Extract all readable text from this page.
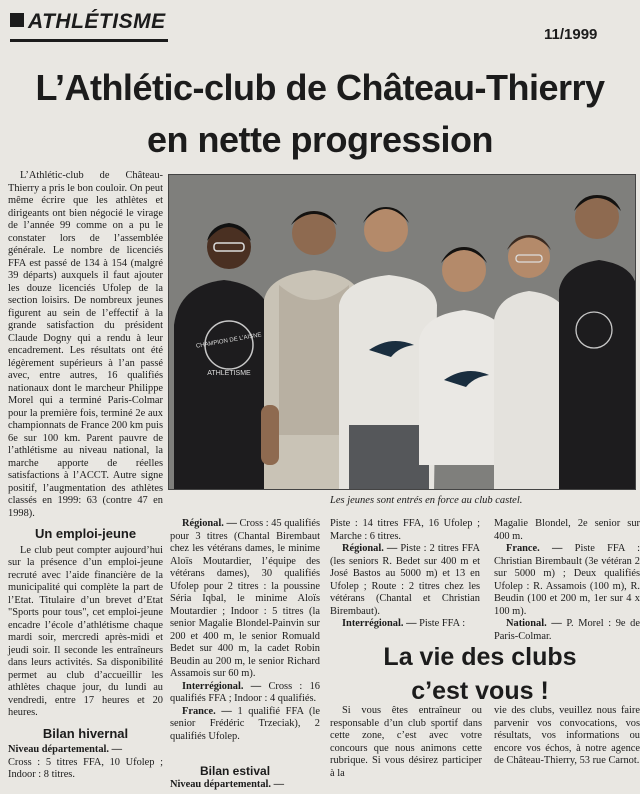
ATHLÉTISME
11/1999
L’Athlétic-club de Château-Thierry
en nette progression

L’Athlétic-club de Château-Thierry a pris le bon couloir. On peut même écrire que les athlètes et dirigeants ont bien négocié le virage de l’année 99 comme on a pu le constater lors de l’assemblée générale. Le nombre de licenciés FFA est passé de 134 à 154 (malgré 39 départs) auxquels il faut ajouter les douze licenciés Ufolep de la section loisirs. De nombreux jeunes figurent au sein de l’effectif à la grande satisfaction du président Claude Dogny qui a rendu à leur encadrement. Les résultats ont été légèrement supérieurs à l’an passé avec, entre autres, 16 qualifiés nationaux dont le marcheur Philippe Morel qui a terminé Paris-Colmar pour la première fois, terminé 2e aux championnats de France 200 km puis 6e sur 100 km. Parent pauvre de l’athlétisme au niveau national, la marche apporte de réelles satisfactions à l’ACCT. Autre signe positif, l’augmentation des athlètes classés en 1999: 63 (contre 47 en 1998).

Un emploi-jeune

Le club peut compter aujourd’hui sur la présence d’un emploi-jeune recruté avec l’aide financière de la municipalité qui complète la part de l’Etat. Titulaire d’un brevet d’Etat "Sports pour tous", cet emploi-jeune encadre l’école d’athlétisme chaque mardi soir, mercredi après-midi et jeudi soir. Il seconde les entraîneurs dans leurs activités. Sa disponibilité permet au club d’accueillir les athlètes chaque jour, du lundi au vendredi, entre 17 heures et 20 heures.

Bilan hivernal
Niveau départemental. —
Cross : 5 titres FFA, 10 Ufolep ; Indoor : 8 titres.
CHAMPION DE L’AISNE
ATHLÉTISME
Les jeunes sont entrés en force au club castel.

Régional. — Cross : 45 qualifiés pour 3 titres (Chantal Birembaut chez les vétérans dames, le minime Aloïs Moutardier, l’équipe des vétérans dames), 30 qualifiés Ufolep pour 2 titres : la poussine Séria Iqbal, le minime Aloïs Moutardier ; Indoor : 5 titres (la senior Magalie Blondel-Painvin sur 200 et 400 m, le senior Romuald Bedet sur 400 m, la cadet Robin Beudin au 200 m, le senior Richard Assamois sur 60 m).

Interrégional. — Cross : 16 qualifiés FFA ; Indoor : 4 qualifiés.

France. — 1 qualifié FFA (le senior Frédéric Trzeciak), 2 qualifiés Ufolep.

Bilan estival
Niveau départemental. —

Piste : 14 titres FFA, 16 Ufolep ; Marche : 6 titres.

Régional. — Piste : 2 titres FFA (les seniors R. Bedet sur 400 m et José Bastos au 5000 m) et 13 en Ufolep ; Route : 2 titres chez les vétérans (Chantal et Christian Birembaut).

Interrégional. — Piste FFA :

Magalie Blondel, 2e senior sur 400 m.

France. — Piste FFA : Christian Birembault (3e vétéran 2 sur 5000 m) ; Deux qualifiés Ufolep : R. Assamois (100 m), R. Beudin (100 et 200 m, 1er sur 4 x 100 m).

National. — P. Morel : 9e de Paris-Colmar.

La vie des clubs
c’est vous !

Si vous êtes entraîneur ou responsable d’un club sportif dans cette zone, c’est avec votre concours que nous animons cette rubrique. Si vous désirez participer à la

vie des clubs, veuillez nous faire parvenir vos convocations, vos résultats, vos informations ou encore vos échos, à notre agence de Château-Thierry, 53 rue Carnot.
